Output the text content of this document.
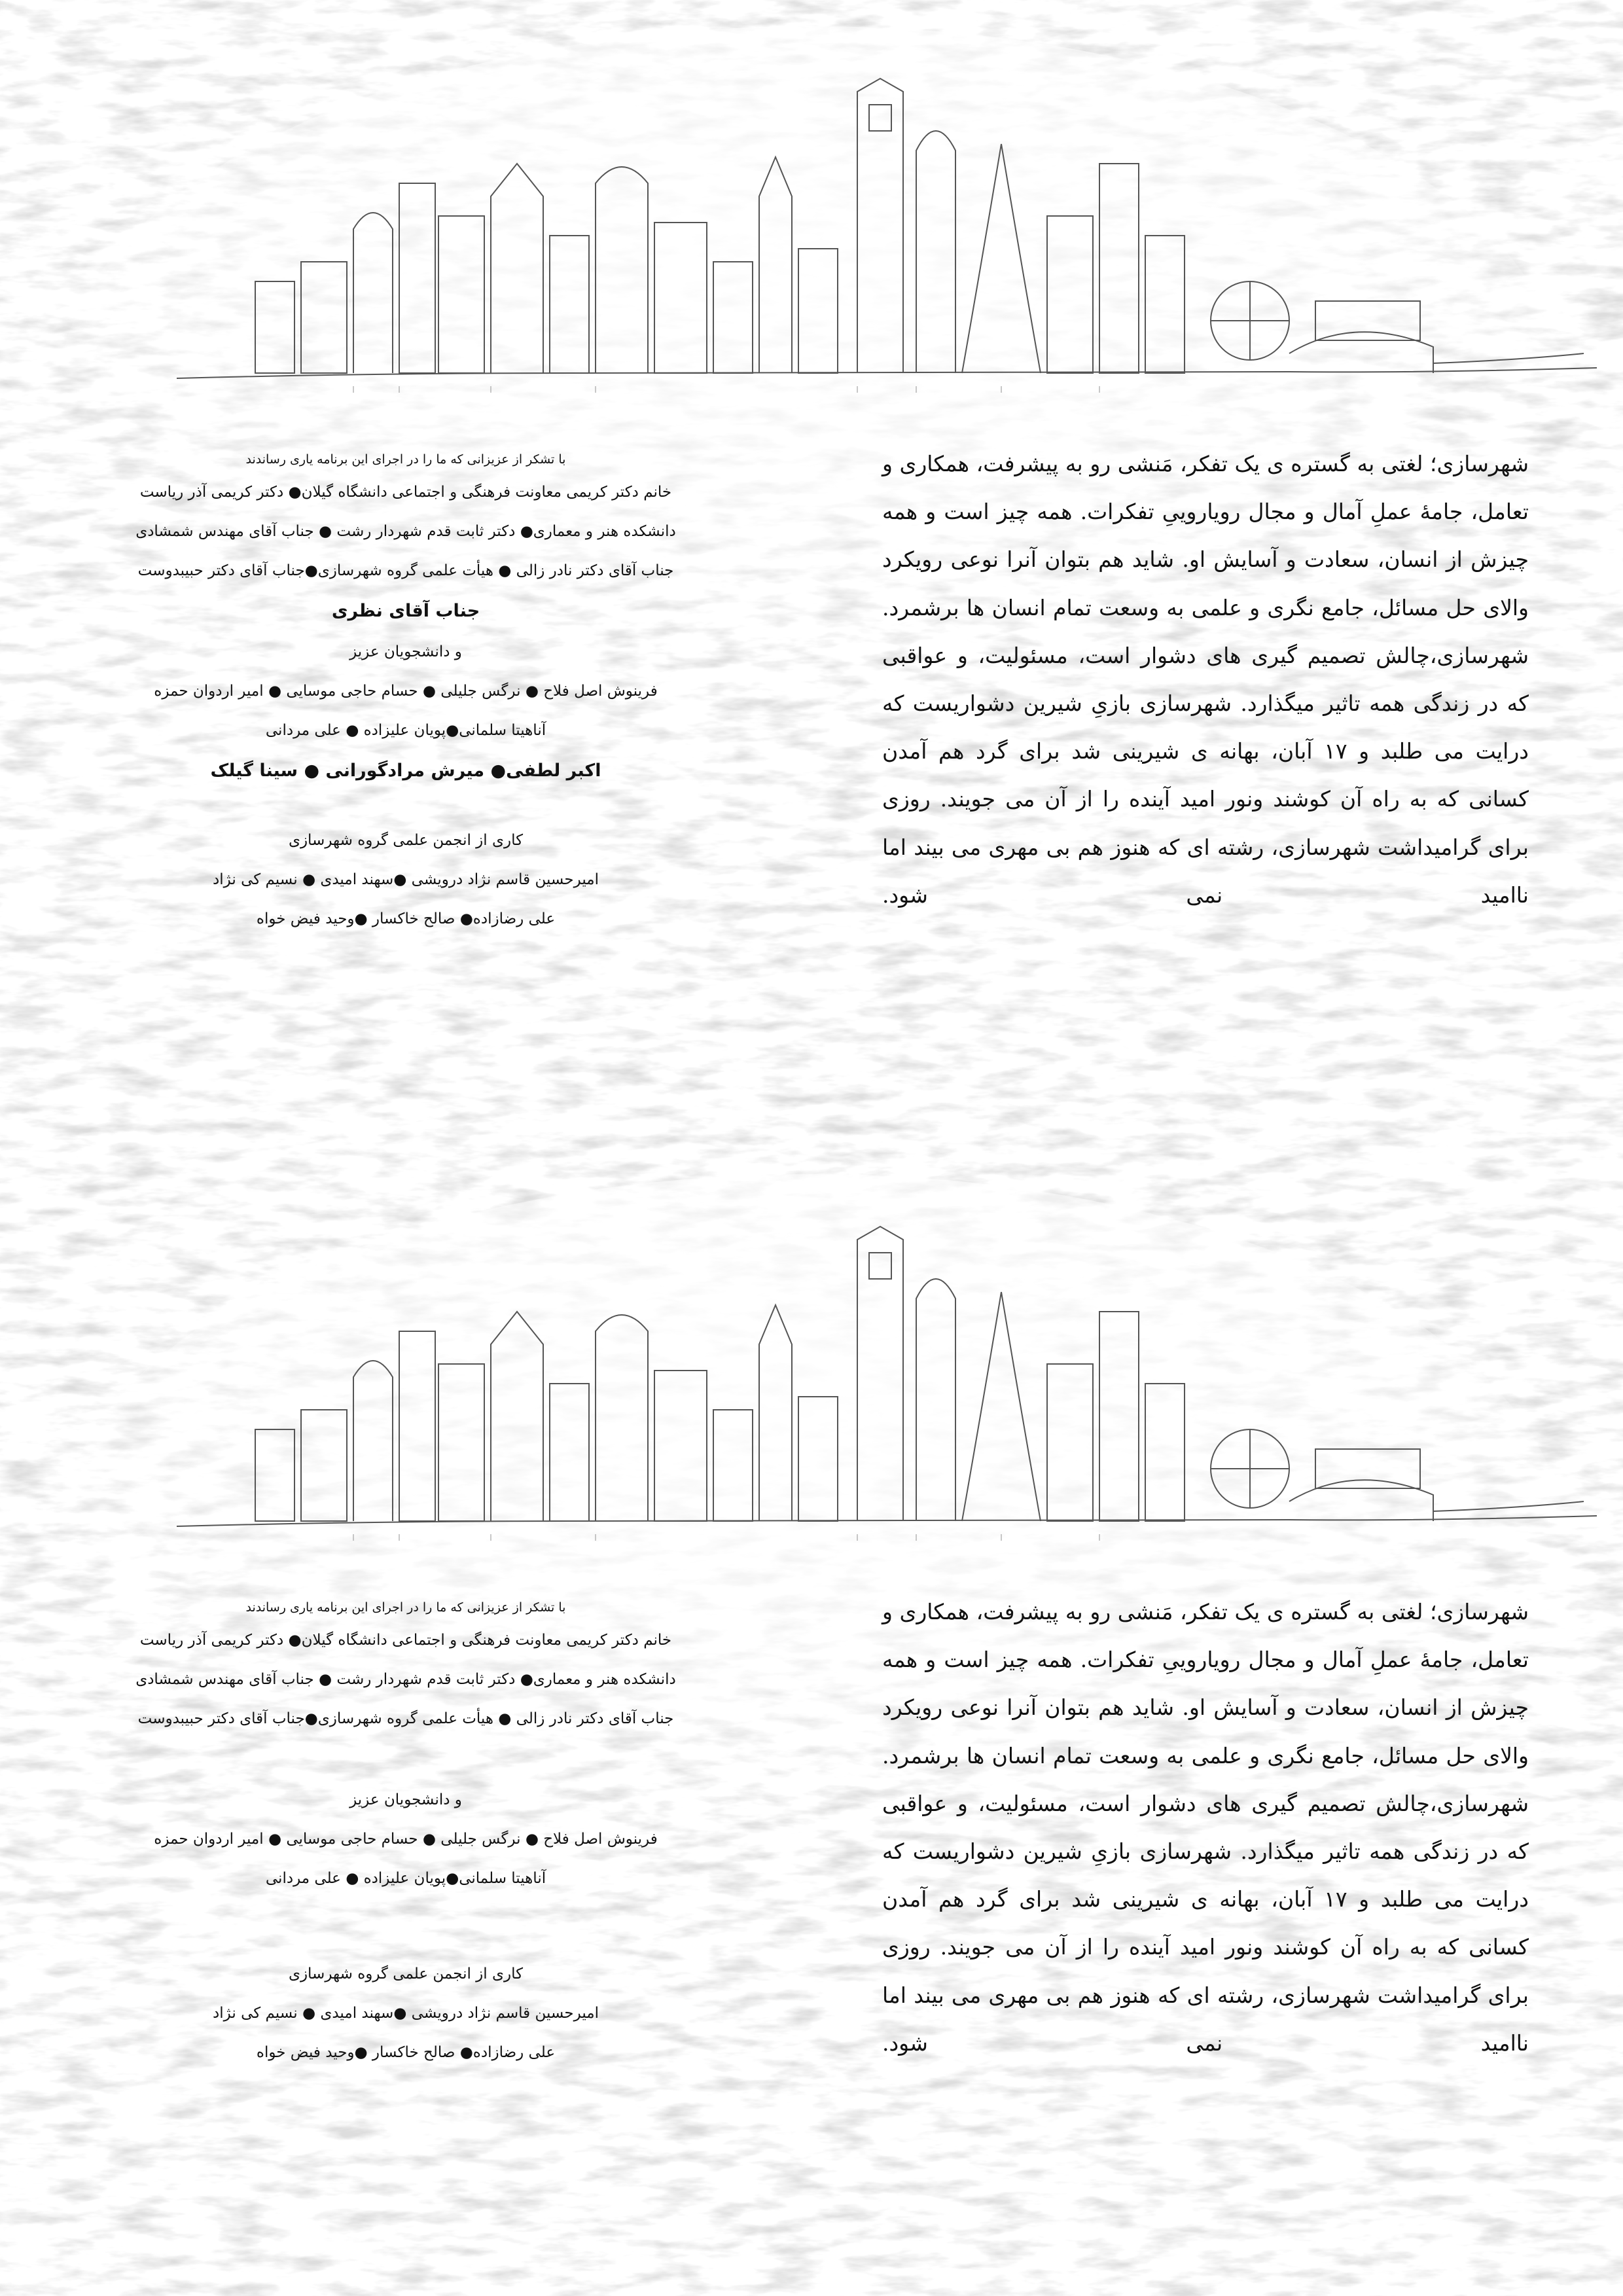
شهرسازی؛ لغتی به گستره ی یک تفکر، مَنشی رو به پیشرفت، همکاری و تعامل، جامهٔ عملِ آمال و مجال رویاروییِ تفکرات. همه چیز است و همه چیزش از انسان، سعادت و آسایش او. شاید هم بتوان آنرا نوعی رویکرد والای حل مسائل، جامع نگری و علمی به وسعت تمام انسان ها برشمرد. شهرسازی،چالش تصمیم گیری های دشوار است، مسئولیت، و عواقبی که در زندگی همه تاثیر میگذارد. شهرسازی بازیِ شیرین دشواریست که درایت می طلبد و ۱۷ آبان، بهانه ی شیرینی شد برای گرد هم آمدن کسانی که به راه آن کوشند ونور امید آینده را از آن می جویند. روزی برای گرامیداشت شهرسازی، رشته ای که هنوز هم بی مهری می بیند اما ناامید نمی شود.
با تشکر از عزیزانی که ما را در اجرای این برنامه یاری رساندند
خانم دکتر کریمی معاونت فرهنگی و اجتماعی دانشگاه گیلان● دکتر کریمی آذر ریاست
دانشکده هنر و معماری● دکتر ثابت قدم شهردار رشت ● جناب آقای مهندس شمشادی
جناب آقای دکتر نادر زالی ● هیأت علمی گروه شهرسازی●جناب آقای دکتر حبیبدوست
جناب آقای نظری
و دانشجویان عزیز
فرینوش اصل فلاح ● نرگس جلیلی ● حسام حاجی موسایی ● امیر اردوان حمزه
آناهیتا سلمانی●پویان علیزاده ● علی مردانی
اکبر لطفی● میرش مرادگورانی ● سینا گیلک
کاری از انجمن علمی گروه شهرسازی
امیرحسین قاسم نژاد درویشی ●سهند امیدی ● نسیم کی نژاد
علی رضازاده● صالح خاکسار ●وحید فیض خواه
شهرسازی؛ لغتی به گستره ی یک تفکر، مَنشی رو به پیشرفت، همکاری و تعامل، جامهٔ عملِ آمال و مجال رویاروییِ تفکرات. همه چیز است و همه چیزش از انسان، سعادت و آسایش او. شاید هم بتوان آنرا نوعی رویکرد والای حل مسائل، جامع نگری و علمی به وسعت تمام انسان ها برشمرد. شهرسازی،چالش تصمیم گیری های دشوار است، مسئولیت، و عواقبی که در زندگی همه تاثیر میگذارد. شهرسازی بازیِ شیرین دشواریست که درایت می طلبد و ۱۷ آبان، بهانه ی شیرینی شد برای گرد هم آمدن کسانی که به راه آن کوشند ونور امید آینده را از آن می جویند. روزی برای گرامیداشت شهرسازی، رشته ای که هنوز هم بی مهری می بیند اما ناامید نمی شود.
با تشکر از عزیزانی که ما را در اجرای این برنامه یاری رساندند
خانم دکتر کریمی معاونت فرهنگی و اجتماعی دانشگاه گیلان● دکتر کریمی آذر ریاست
دانشکده هنر و معماری● دکتر ثابت قدم شهردار رشت ● جناب آقای مهندس شمشادی
جناب آقای دکتر نادر زالی ● هیأت علمی گروه شهرسازی●جناب آقای دکتر حبیبدوست
و دانشجویان عزیز
فرینوش اصل فلاح ● نرگس جلیلی ● حسام حاجی موسایی ● امیر اردوان حمزه
آناهیتا سلمانی●پویان علیزاده ● علی مردانی
کاری از انجمن علمی گروه شهرسازی
امیرحسین قاسم نژاد درویشی ●سهند امیدی ● نسیم کی نژاد
علی رضازاده● صالح خاکسار ●وحید فیض خواه
